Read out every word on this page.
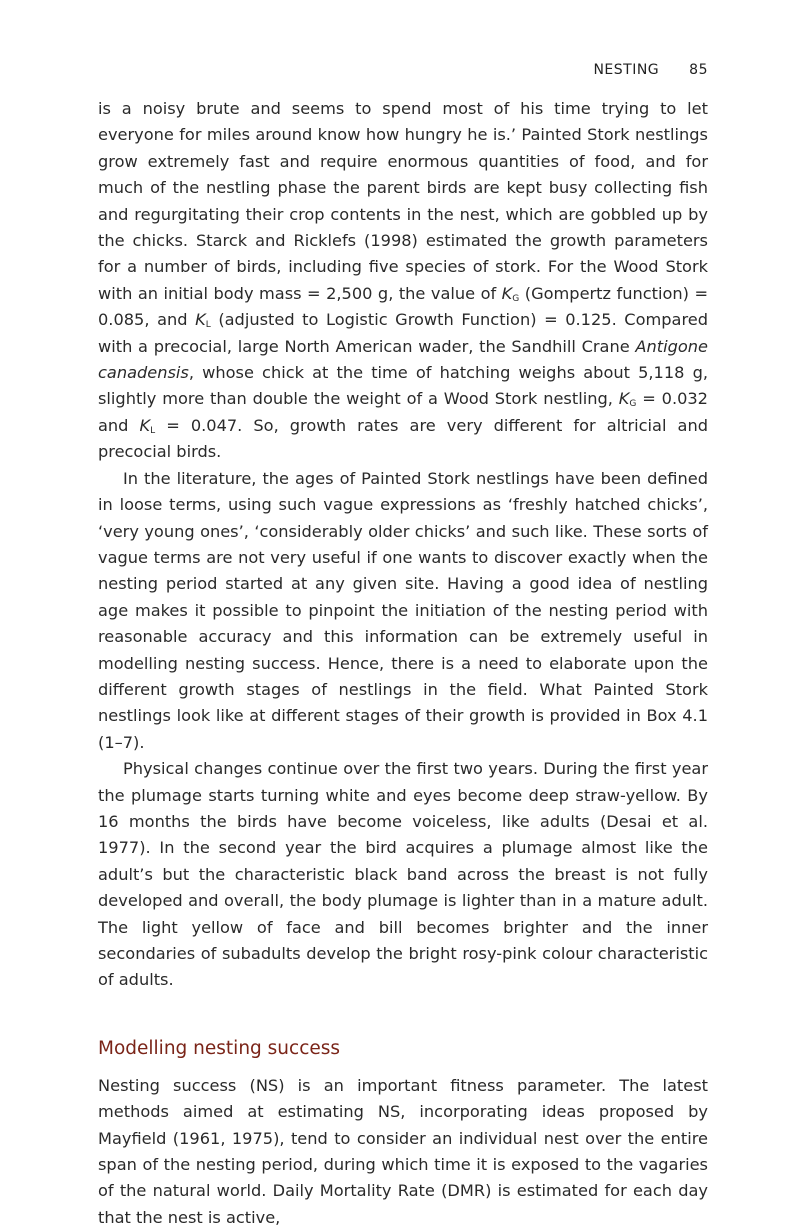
NESTING 85

is a noisy brute and seems to spend most of his time trying to let everyone for miles around know how hungry he is.’ Painted Stork nestlings grow extremely fast and require enormous quantities of food, and for much of the nestling phase the parent birds are kept busy collecting fish and regurgitating their crop contents in the nest, which are gobbled up by the chicks. Starck and Ricklefs (1998) estimated the growth parameters for a number of birds, including five species of stork. For the Wood Stork with an initial body mass = 2,500 g, the value of $K_G$ (Gompertz function) = 0.085, and $K_L$ (adjusted to Logistic Growth Function) = 0.125. Compared with a precocial, large North American wader, the Sandhill Crane Antigone canadensis, whose chick at the time of hatching weighs about 5,118 g, slightly more than double the weight of a Wood Stork nestling, $K_G = 0.032$ and $K_L = 0.047$. So, growth rates are very different for altricial and precocial birds.

In the literature, the ages of Painted Stork nestlings have been defined in loose terms, using such vague expressions as ‘freshly hatched chicks’, ‘very young ones’, ‘considerably older chicks’ and such like. These sorts of vague terms are not very useful if one wants to discover exactly when the nesting period started at any given site. Having a good idea of nestling age makes it possible to pinpoint the initiation of the nesting period with reasonable accuracy and this information can be extremely useful in modelling nesting success. Hence, there is a need to elaborate upon the different growth stages of nestlings in the field. What Painted Stork nestlings look like at different stages of their growth is provided in Box 4.1 (1–7).

Physical changes continue over the first two years. During the first year the plumage starts turning white and eyes become deep straw-yellow. By 16 months the birds have become voiceless, like adults (Desai et al. 1977). In the second year the bird acquires a plumage almost like the adult’s but the characteristic black band across the breast is not fully developed and overall, the body plumage is lighter than in a mature adult. The light yellow of face and bill becomes brighter and the inner secondaries of subadults develop the bright rosy-pink colour characteristic of adults.

Modelling nesting success

Nesting success (NS) is an important fitness parameter. The latest methods aimed at estimating NS, incorporating ideas proposed by Mayfield (1961, 1975), tend to consider an individual nest over the entire span of the nesting period, during which time it is exposed to the vagaries of the natural world. Daily Mortality Rate (DMR) is estimated for each day that the nest is active,
